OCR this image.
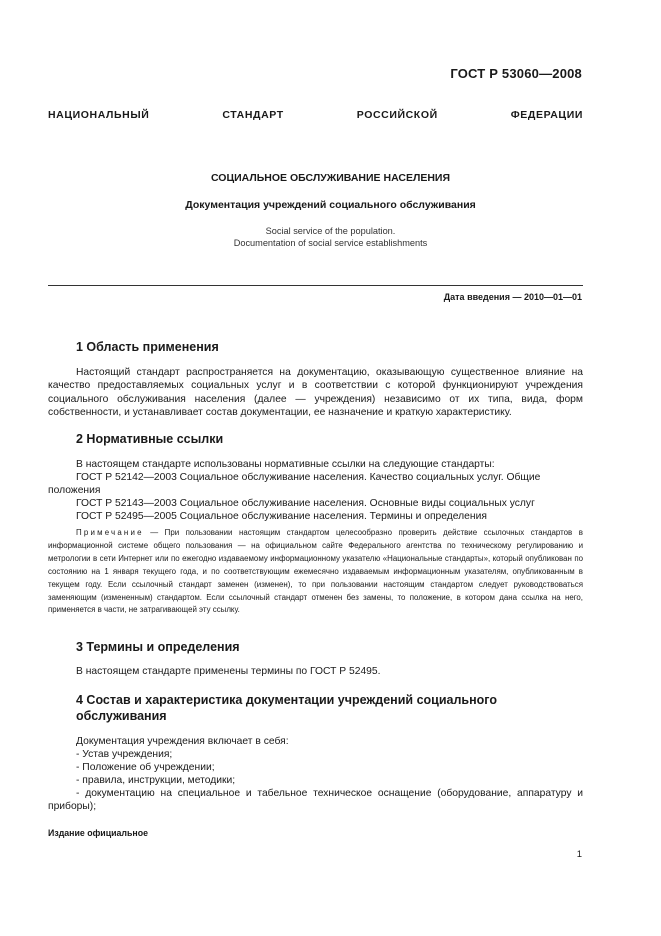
ГОСТ Р 53060—2008
НАЦИОНАЛЬНЫЙ СТАНДАРТ РОССИЙСКОЙ ФЕДЕРАЦИИ
СОЦИАЛЬНОЕ ОБСЛУЖИВАНИЕ НАСЕЛЕНИЯ
Документация учреждений социального обслуживания
Social service of the population.
Documentation of social service establishments
Дата введения — 2010—01—01
1 Область применения
Настоящий стандарт распространяется на документацию, оказывающую существенное влияние на качество предоставляемых социальных услуг и в соответствии с которой функционируют учреждения социального обслуживания населения (далее — учреждения) независимо от их типа, вида, форм собственности, и устанавливает состав документации, ее назначение и краткую характеристику.
2 Нормативные ссылки
В настоящем стандарте использованы нормативные ссылки на следующие стандарты:
ГОСТ Р 52142—2003 Социальное обслуживание населения. Качество социальных услуг. Общие
положения
ГОСТ Р 52143—2003 Социальное обслуживание населения. Основные виды социальных услуг
ГОСТ Р 52495—2005 Социальное обслуживание населения. Термины и определения
Примечание — При пользовании настоящим стандартом целесообразно проверить действие ссылочных стандартов в информационной системе общего пользования — на официальном сайте Федерального агентства по техническому регулированию и метрологии в сети Интернет или по ежегодно издаваемому информационному указателю «Национальные стандарты», который опубликован по состоянию на 1 января текущего года, и по соответствующим ежемесячно издаваемым информационным указателям, опубликованным в текущем году. Если ссылочный стандарт заменен (изменен), то при пользовании настоящим стандартом следует руководствоваться заменяющим (измененным) стандартом. Если ссылочный стандарт отменен без замены, то положение, в котором дана ссылка на него, применяется в части, не затрагивающей эту ссылку.
3 Термины и определения
В настоящем стандарте применены термины по ГОСТ Р 52495.
4 Состав и характеристика документации учреждений социального
обслуживания
Документация учреждения включает в себя:
- Устав учреждения;
- Положение об учреждении;
- правила, инструкции, методики;
- документацию на специальное и табельное техническое оснащение (оборудование, аппаратуру и приборы);
Издание официальное
1
